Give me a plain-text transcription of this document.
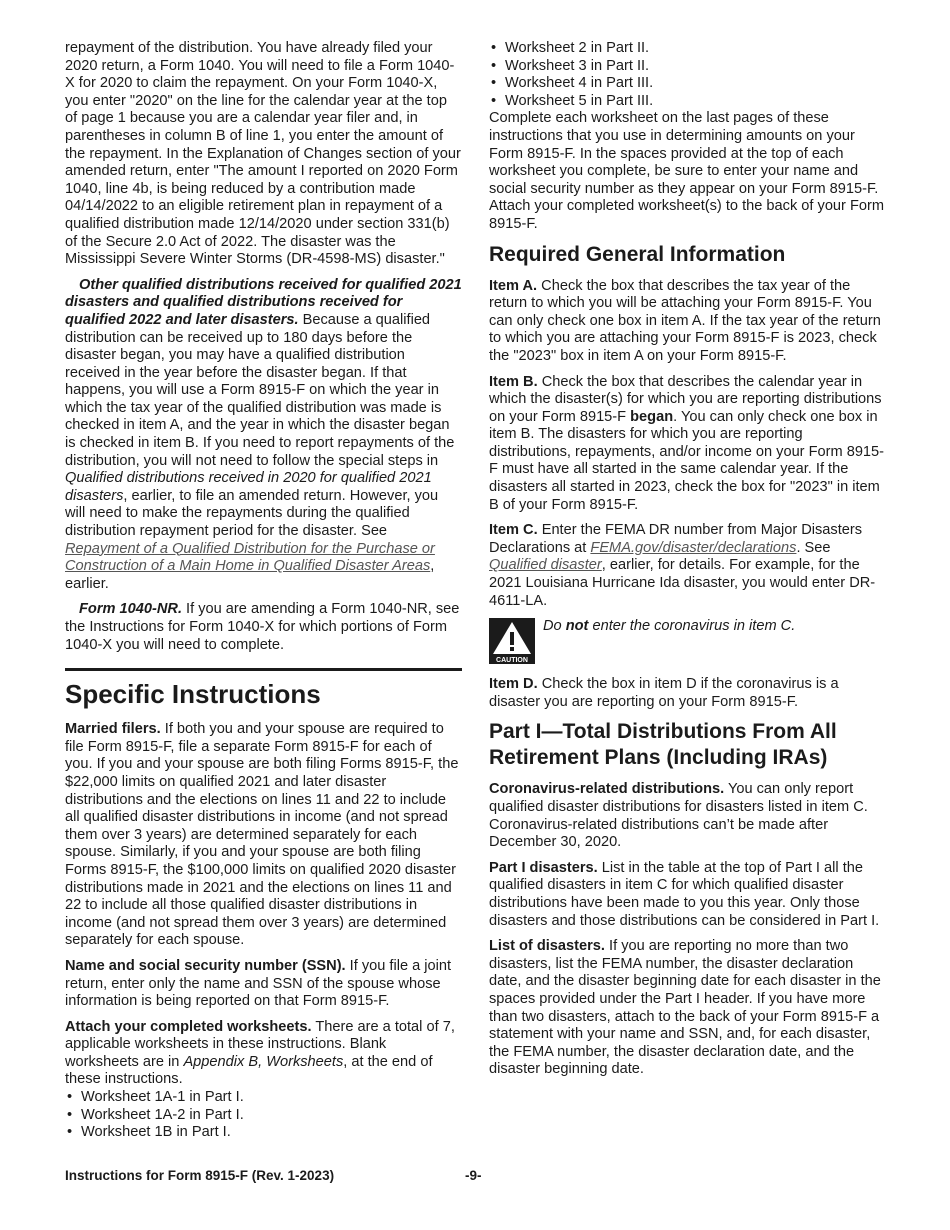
repayment of the distribution. You have already filed your 2020 return, a Form 1040. You will need to file a Form 1040-X for 2020 to claim the repayment. On your Form 1040-X, you enter "2020" on the line for the calendar year at the top of page 1 because you are a calendar year filer and, in parentheses in column B of line 1, you enter the amount of the repayment. In the Explanation of Changes section of your amended return, enter "The amount I reported on 2020 Form 1040, line 4b, is being reduced by a contribution made 04/14/2022 to an eligible retirement plan in repayment of a qualified distribution made 12/14/2020 under section 331(b) of the Secure 2.0 Act of 2022. The disaster was the Mississippi Severe Winter Storms (DR-4598-MS) disaster."

Other qualified distributions received for qualified 2021 disasters and qualified distributions received for qualified 2022 and later disasters. Because a qualified distribution can be received up to 180 days before the disaster began, you may have a qualified distribution received in the year before the disaster began. If that happens, you will use a Form 8915-F on which the year in which the tax year of the qualified distribution was made is checked in item A, and the year in which the disaster began is checked in item B. If you need to report repayments of the distribution, you will not need to follow the special steps in Qualified distributions received in 2020 for qualified 2021 disasters, earlier, to file an amended return. However, you will need to make the repayments during the qualified distribution repayment period for the disaster. See Repayment of a Qualified Distribution for the Purchase or Construction of a Main Home in Qualified Disaster Areas, earlier.

Form 1040-NR. If you are amending a Form 1040-NR, see the Instructions for Form 1040-X for which portions of Form 1040-X you will need to complete.

Specific Instructions

Married filers. If both you and your spouse are required to file Form 8915-F, file a separate Form 8915-F for each of you. If you and your spouse are both filing Forms 8915-F, the $22,000 limits on qualified 2021 and later disaster distributions and the elections on lines 11 and 22 to include all qualified disaster distributions in income (and not spread them over 3 years) are determined separately for each spouse. Similarly, if you and your spouse are both filing Forms 8915-F, the $100,000 limits on qualified 2020 disaster distributions made in 2021 and the elections on lines 11 and 22 to include all those qualified disaster distributions in income (and not spread them over 3 years) are determined separately for each spouse.

Name and social security number (SSN). If you file a joint return, enter only the name and SSN of the spouse whose information is being reported on that Form 8915-F.

Attach your completed worksheets. There are a total of 7, applicable worksheets in these instructions. Blank worksheets are in Appendix B, Worksheets, at the end of these instructions.

• Worksheet 1A-1 in Part I.
• Worksheet 1A-2 in Part I.
• Worksheet 1B in Part I.
• Worksheet 2 in Part II.
• Worksheet 3 in Part II.
• Worksheet 4 in Part III.
• Worksheet 5 in Part III.

Complete each worksheet on the last pages of these instructions that you use in determining amounts on your Form 8915-F. In the spaces provided at the top of each worksheet you complete, be sure to enter your name and social security number as they appear on your Form 8915-F. Attach your completed worksheet(s) to the back of your Form 8915-F.

Required General Information

Item A. Check the box that describes the tax year of the return to which you will be attaching your Form 8915-F. You can only check one box in item A. If the tax year of the return to which you are attaching your Form 8915-F is 2023, check the "2023" box in item A on your Form 8915-F.

Item B. Check the box that describes the calendar year in which the disaster(s) for which you are reporting distributions on your Form 8915-F began. You can only check one box in item B. The disasters for which you are reporting distributions, repayments, and/or income on your Form 8915-F must have all started in the same calendar year. If the disasters all started in 2023, check the box for "2023" in item B of your Form 8915-F.

Item C. Enter the FEMA DR number from Major Disasters Declarations at FEMA.gov/disaster/declarations. See Qualified disaster, earlier, for details. For example, for the 2021 Louisiana Hurricane Ida disaster, you would enter DR-4611-LA.

CAUTION

Do not enter the coronavirus in item C.

Item D. Check the box in item D if the coronavirus is a disaster you are reporting on your Form 8915-F.

Part I—Total Distributions From All Retirement Plans (Including IRAs)

Coronavirus-related distributions. You can only report qualified disaster distributions for disasters listed in item C. Coronavirus-related distributions can’t be made after December 30, 2020.

Part I disasters. List in the table at the top of Part I all the qualified disasters in item C for which qualified disaster distributions have been made to you this year. Only those disasters and those distributions can be considered in Part I.

List of disasters. If you are reporting no more than two disasters, list the FEMA number, the disaster declaration date, and the disaster beginning date for each disaster in the spaces provided under the Part I header. If you have more than two disasters, attach to the back of your Form 8915-F a statement with your name and SSN, and, for each disaster, the FEMA number, the disaster declaration date, and the disaster beginning date.

Instructions for Form 8915-F (Rev. 1-2023)	-9-
